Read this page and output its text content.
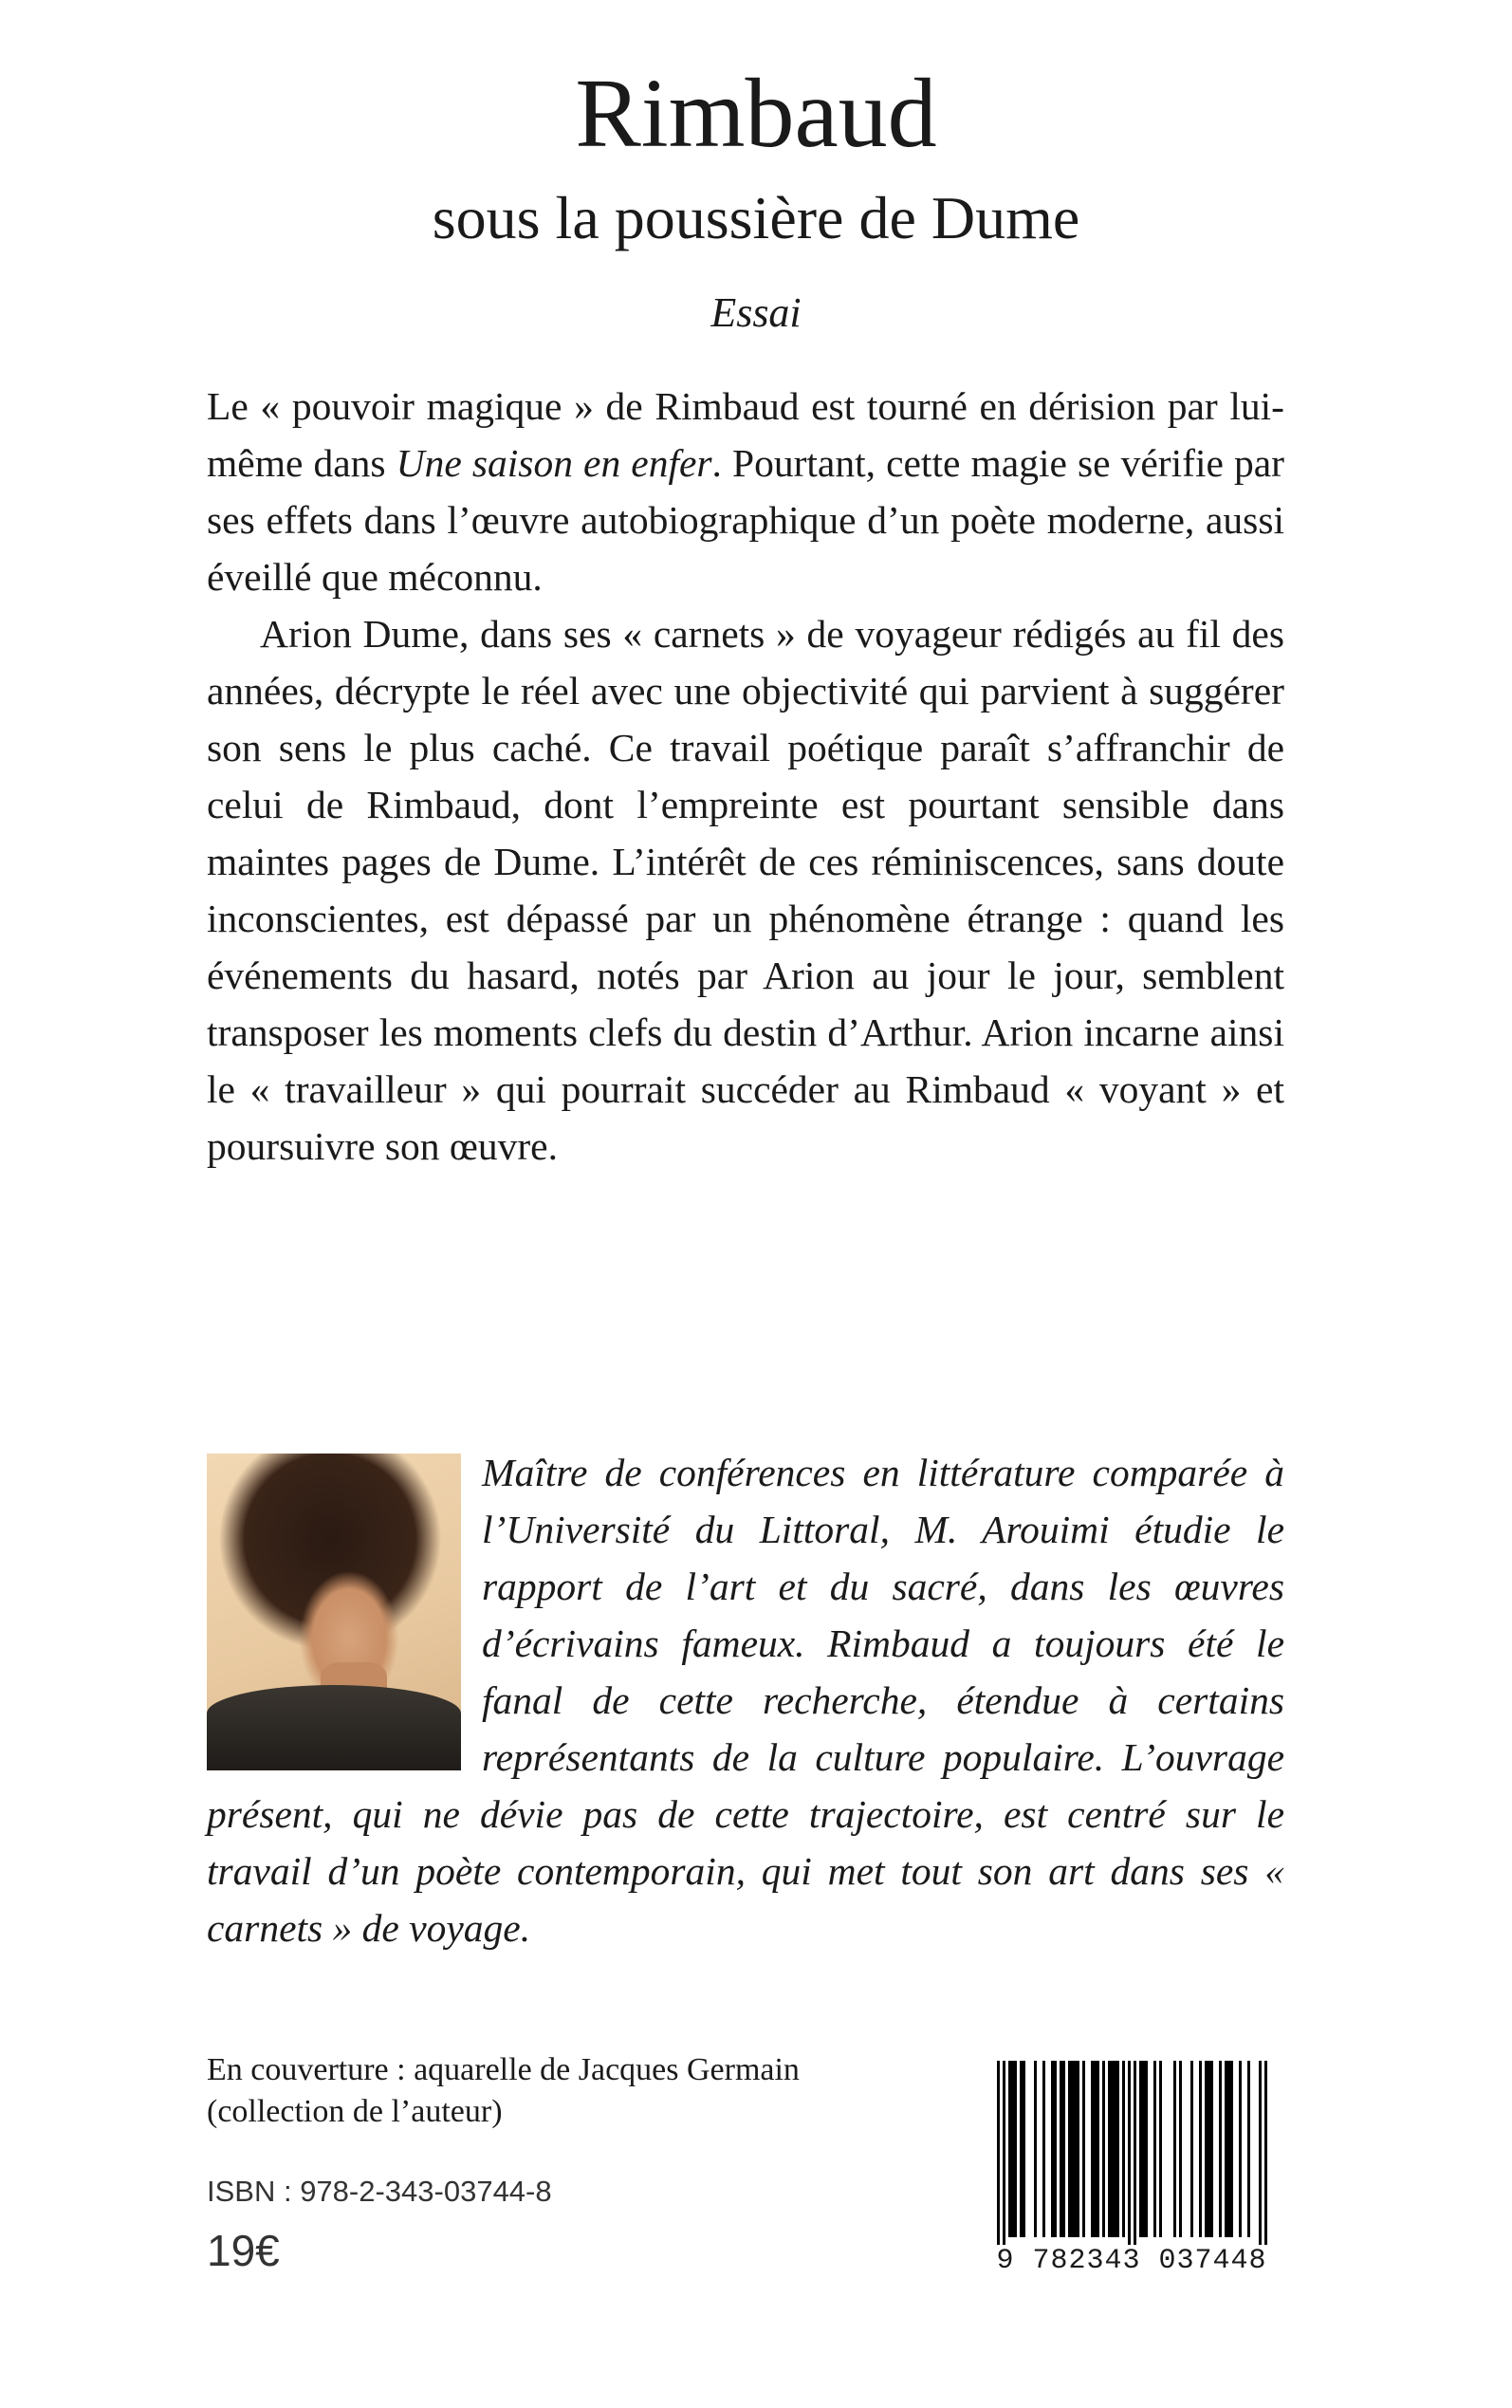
Rimbaud
sous la poussière de Dume
Essai

Le « pouvoir magique » de Rimbaud est tourné en dérision par lui-même dans Une saison en enfer. Pourtant, cette magie se vérifie par ses effets dans l’œuvre autobiographique d’un poète moderne, aussi éveillé que méconnu.

Arion Dume, dans ses « carnets » de voyageur rédigés au fil des années, décrypte le réel avec une objectivité qui parvient à suggérer son sens le plus caché. Ce travail poétique paraît s’affranchir de celui de Rimbaud, dont l’empreinte est pourtant sensible dans maintes pages de Dume. L’intérêt de ces réminiscences, sans doute inconscientes, est dépassé par un phénomène étrange : quand les événements du hasard, notés par Arion au jour le jour, semblent transposer les moments clefs du destin d’Arthur. Arion incarne ainsi le « travailleur » qui pourrait succéder au Rimbaud « voyant » et poursuivre son œuvre.

Maître de conférences en littérature comparée à l’Université du Littoral, M. Arouimi étudie le rapport de l’art et du sacré, dans les œuvres d’écrivains fameux. Rimbaud a toujours été le fanal de cette recherche, étendue à certains représentants de la culture populaire. L’ouvrage présent, qui ne dévie pas de cette trajectoire, est centré sur le travail d’un poète contemporain, qui met tout son art dans ses « carnets » de voyage.

En couverture : aquarelle de Jacques Germain
(collection de l’auteur)
ISBN : 978-2-343-03744-8
19€	9 782343 037448
